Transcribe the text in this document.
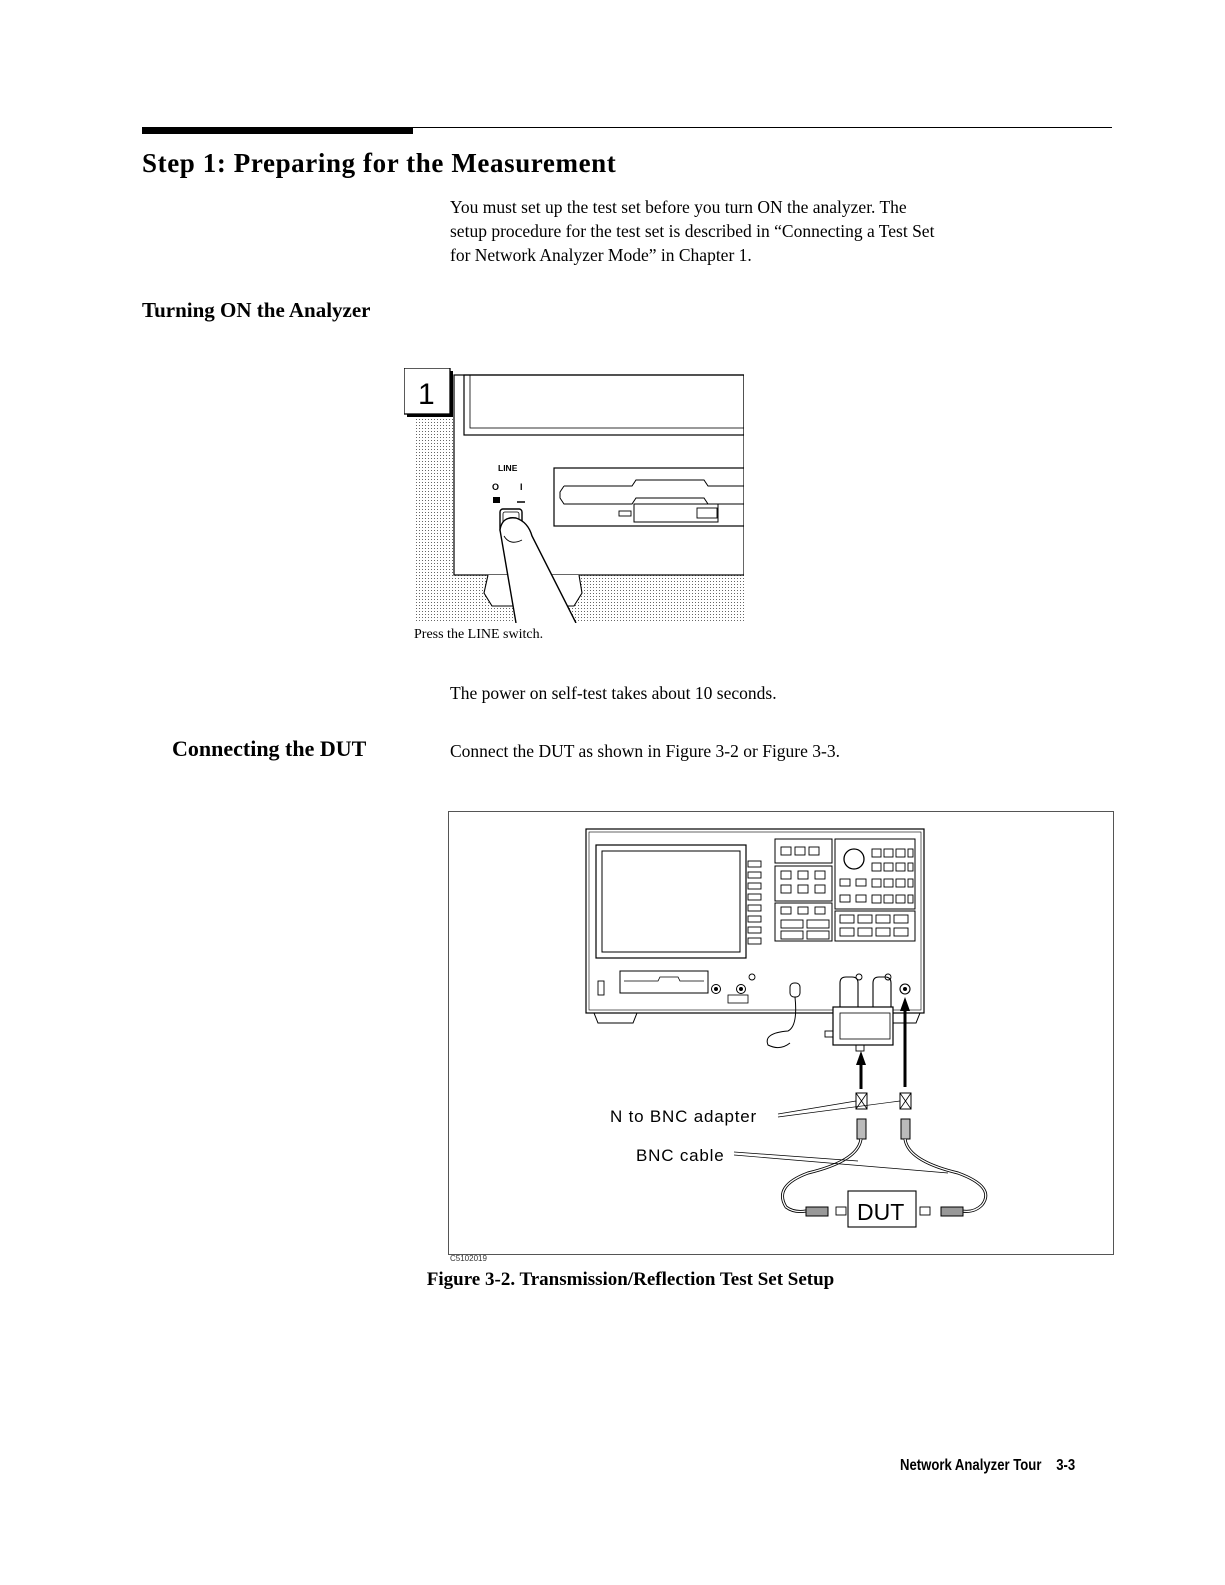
Step 1: Preparing for the Measurement
You must set up the test set before you turn ON the analyzer. The
setup procedure for the test set is described in “Connecting a Test Set
for Network Analyzer Mode” in Chapter 1.
Turning ON the Analyzer
LINE
O I
1
Press the LINE switch.
The power on self-test takes about 10 seconds.
Connecting the DUT	Connect the DUT as shown in Figure 3-2 or Figure 3-3.
DUT
N to BNC adapter
BNC cable
C5102019
Figure 3-2. Transmission/Reflection Test Set Setup
Network Analyzer Tour 3-3
